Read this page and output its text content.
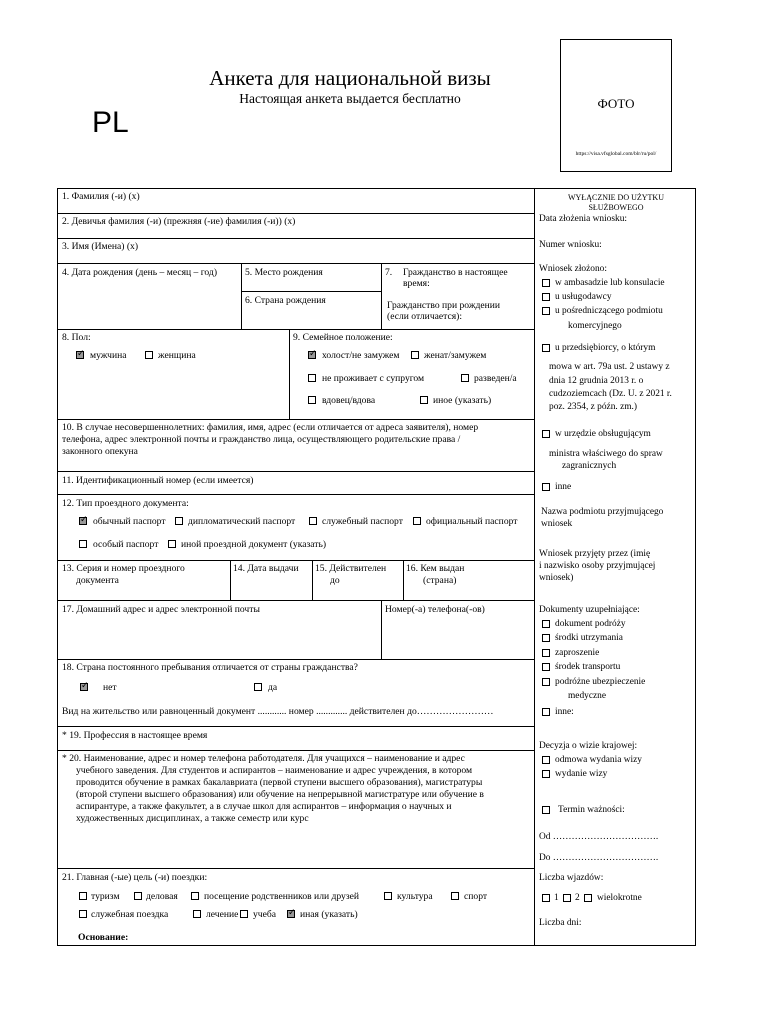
Анкета для национальной визы
Настоящая анкета выдается бесплатно
PL
ФОТО
https://visa.vfsglobal.com/blr/ru/pol/
1. Фамилия (-и) (x)
2. Девичья фамилия (-и) (прежняя (-ие) фамилия (-и)) (x)
3. Имя (Имена) (x)
4. Дата рождения (день – месяц – год)	5. Место рождения
6. Страна рождения
7. Гражданство в настоящее
время:
Гражданство при рождении
(если отличается):
8. Пол:
✓
мужчина	женщина
9. Семейное положение:
✓
холост/не замужем	женат/замужем
не проживает с супругом	разведен/а
вдовец/вдова	иное (указать)
10. В случае несовершеннолетних: фамилия, имя, адрес (если отличается от адреса заявителя), номер
телефона, адрес электронной почты и гражданство лица, осуществляющего родительские права /
законного опекуна
11. Идентификационный номер (если имеется)
12. Тип проездного документа:
✓
обычный паспорт дипломатический паспорт	служебный паспорт официальный паспорт
особый паспорт иной проездной документ (указать)
13. Серия и номер проездного
документа
14. Дата выдачи 15. Действителен
до
16. Кем выдан
(страна)
17. Домашний адрес и адрес электронной почты	Номер(-а) телефона(-ов)
18. Страна постоянного пребывания отличается от страны гражданства?
✓
нет	да
Вид на жительство или равноценный документ ............ номер ............. действителен до……………………
* 19. Профессия в настоящее время
* 20. Наименование, адрес и номер телефона работодателя. Для учащихся – наименование и адрес
учебного заведения. Для студентов и аспирантов – наименование и адрес учреждения, в котором
проводится обучение в рамках бакалавриата (первой ступени высшего образования), магистратуры
(второй ступени высшего образования) или обучение на непрерывной магистратуре или обучение в
аспирантуре, а также факультет, а в случае школ для аспирантов – информация о научных и
художественных дисциплинах, а также семестр или курс
21. Главная (-ые) цель (-и) поездки:
туризм	деловая	посещение родственников или друзей	культура	спорт
служебная поездка	лечение учеба
✓ иная (указать)
Основание:
WYŁĄCZNIE DO UŻYTKU
SŁUŻBOWEGO
Data złożenia wniosku:
Numer wniosku:
Wniosek złożono:
w ambasadzie lub konsulacie
u usługodawcy
u pośredniczącego podmiotu
komercyjnego
u przedsiębiorcy, o którym
mowa w art. 79a ust. 2 ustawy z
dnia 12 grudnia 2013 r. o
cudzoziemcach (Dz. U. z 2021 r.
poz. 2354, z późn. zm.)
w urzędzie obsługującym
ministra właściwego do spraw
zagranicznych
inne
Nazwa podmiotu przyjmującego
wniosek
Wniosek przyjęty przez (imię
i nazwisko osoby przyjmującej
wniosek)
Dokumenty uzupełniające:
dokument podróży
środki utrzymania
zaproszenie
środek transportu
podróżne ubezpieczenie
medyczne
inne:
Decyzja o wizie krajowej:
odmowa wydania wizy
wydanie wizy
Termin ważności:
Od …………………………….
Do …………………………….
Liczba wjazdów:
1 2 wielokrotne
Liczba dni:
